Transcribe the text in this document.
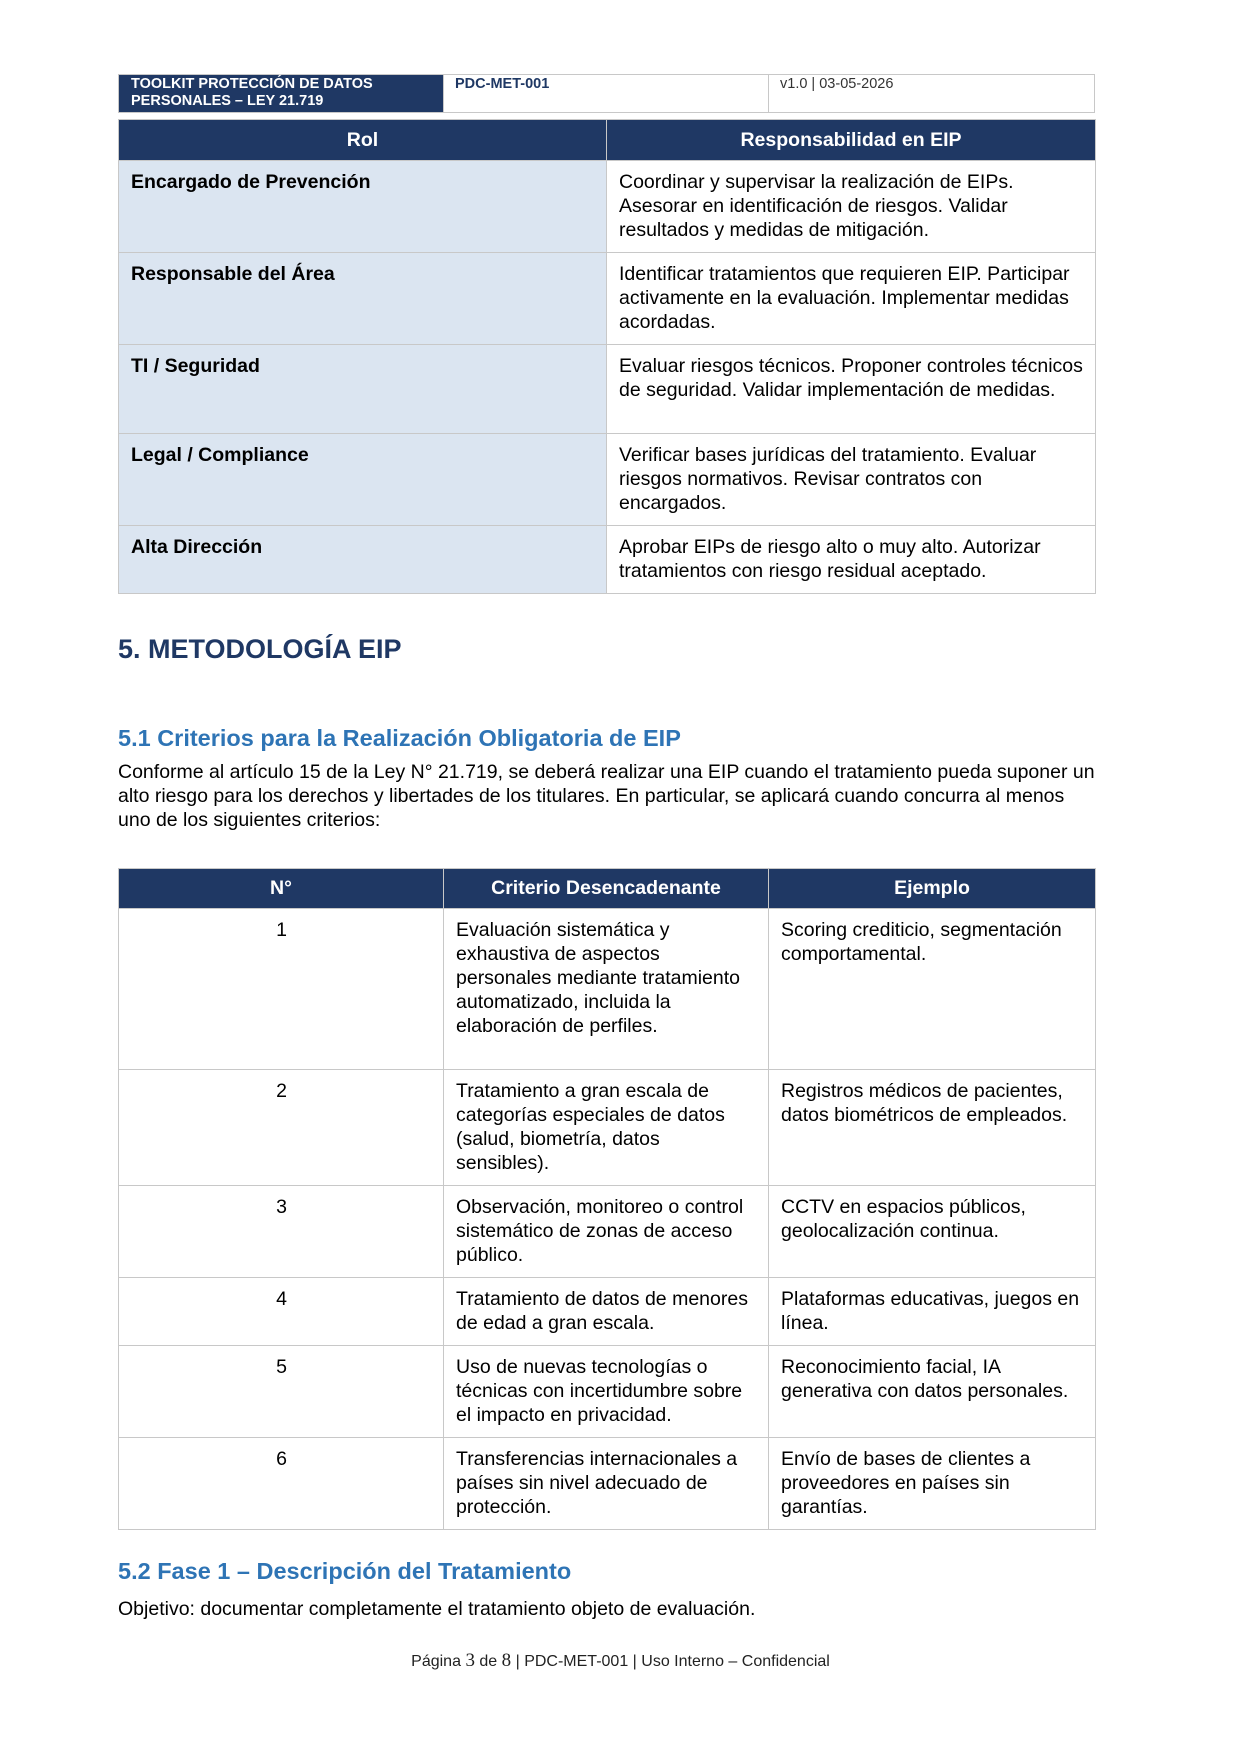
TOOLKIT PROTECCIÓN DE DATOS PERSONALES – LEY 21.719
PDC-MET-001	v1.0 | 03-05-2026
Rol	Responsabilidad en EIP
Encargado de Prevención	Coordinar y supervisar la realización de EIPs. Asesorar en identificación de riesgos. Validar resultados y medidas de mitigación.
Responsable del Área	Identificar tratamientos que requieren EIP. Participar activamente en la evaluación. Implementar medidas acordadas.
TI / Seguridad	Evaluar riesgos técnicos. Proponer controles técnicos de seguridad. Validar implementación de medidas.
Legal / Compliance	Verificar bases jurídicas del tratamiento. Evaluar riesgos normativos. Revisar contratos con encargados.
Alta Dirección	Aprobar EIPs de riesgo alto o muy alto. Autorizar tratamientos con riesgo residual aceptado.
5. METODOLOGÍA EIP
5.1 Criterios para la Realización Obligatoria de EIP

Conforme al artículo 15 de la Ley N° 21.719, se deberá realizar una EIP cuando el tratamiento pueda suponer un alto riesgo para los derechos y libertades de los titulares. En particular, se aplicará cuando concurra al menos uno de los siguientes criterios:

N°	Criterio Desencadenante	Ejemplo
1	Evaluación sistemática y exhaustiva de aspectos personales mediante tratamiento automatizado, incluida la elaboración de perfiles.	Scoring crediticio, segmentación comportamental.
2	Tratamiento a gran escala de categorías especiales de datos (salud, biometría, datos sensibles).	Registros médicos de pacientes, datos biométricos de empleados.
3	Observación, monitoreo o control sistemático de zonas de acceso público.	CCTV en espacios públicos, geolocalización continua.
4	Tratamiento de datos de menores de edad a gran escala.	Plataformas educativas, juegos en línea.
5	Uso de nuevas tecnologías o técnicas con incertidumbre sobre el impacto en privacidad.	Reconocimiento facial, IA generativa con datos personales.
6	Transferencias internacionales a países sin nivel adecuado de protección.	Envío de bases de clientes a proveedores en países sin garantías.
5.2 Fase 1 – Descripción del Tratamiento

Objetivo: documentar completamente el tratamiento objeto de evaluación.

Página 3 de 8 | PDC-MET-001 | Uso Interno – Confidencial
